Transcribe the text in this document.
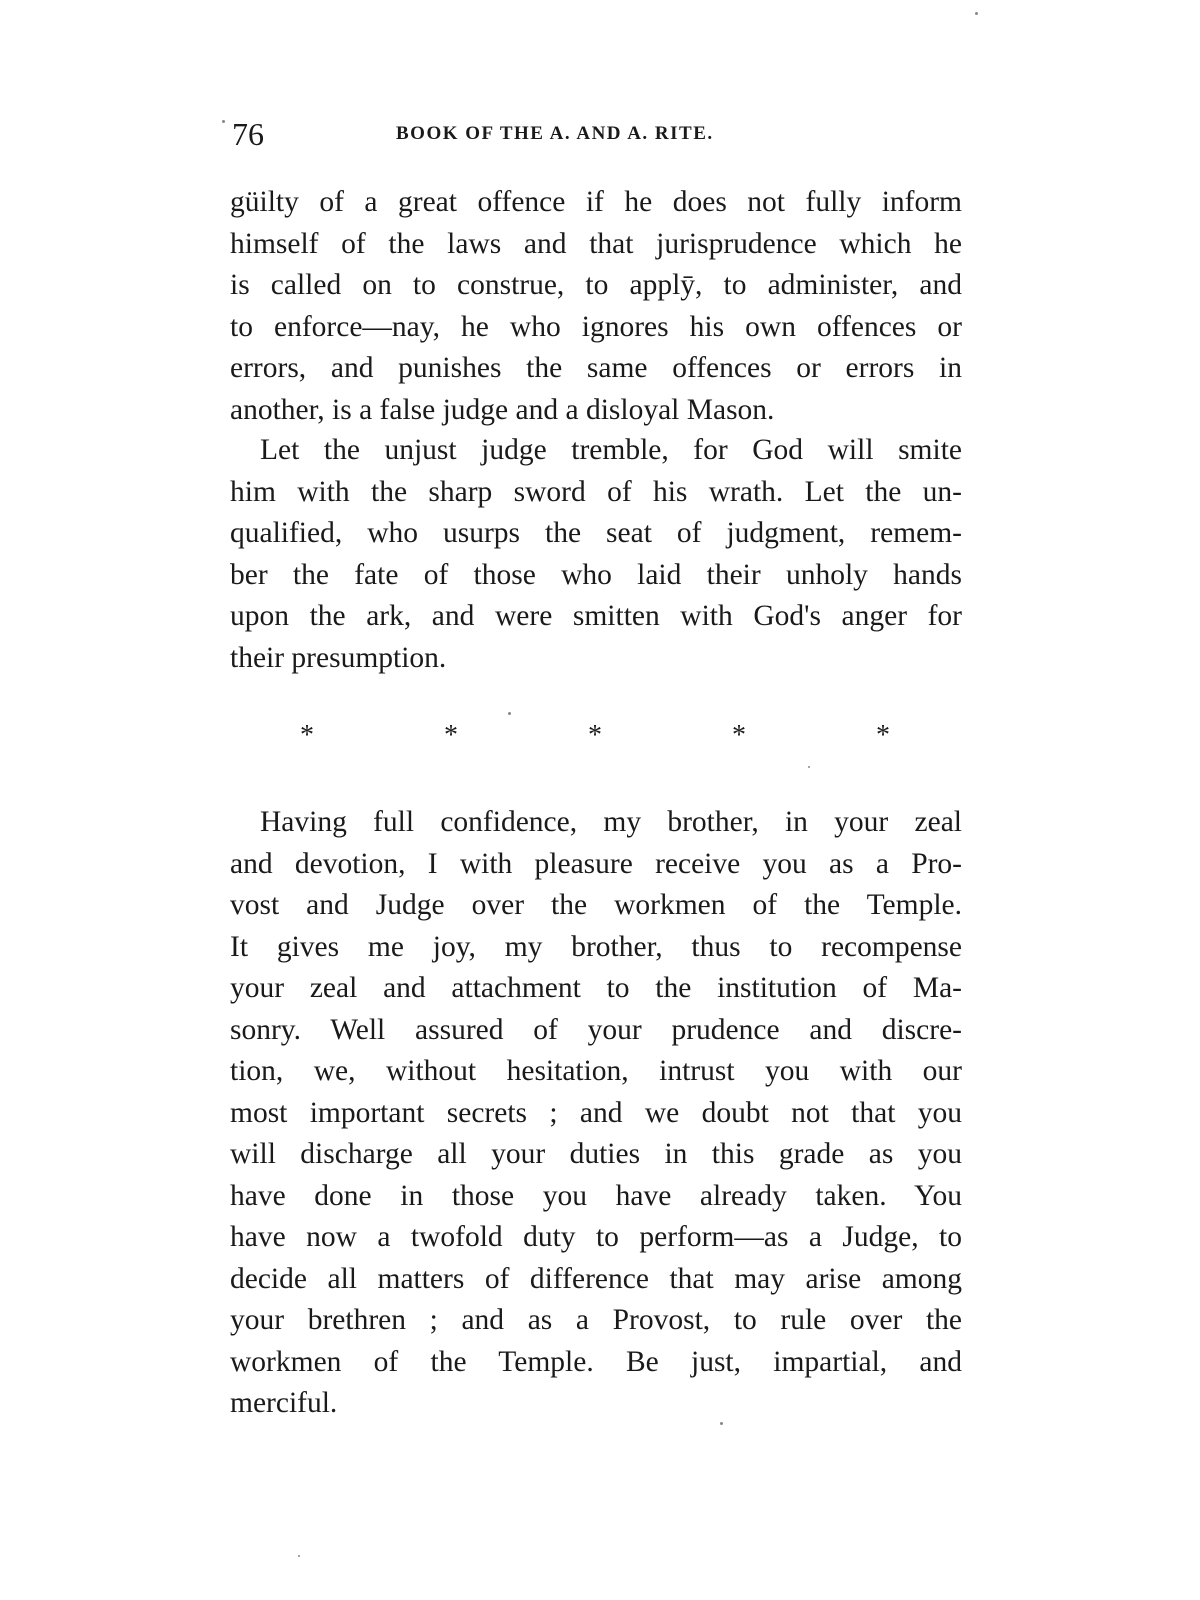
76	BOOK OF THE A. AND A. RITE.
güilty of a great offence if he does not fully inform
himself of the laws and that jurisprudence which he
is called on to construe, to applȳ, to administer, and
to enforce—nay, he who ignores his own offences or
errors, and punishes the same offences or errors in
another, is a false judge and a disloyal Mason.
Let the unjust judge tremble, for God will smite
him with the sharp sword of his wrath. Let the un-
qualified, who usurps the seat of judgment, remem-
ber the fate of those who laid their unholy hands
upon the ark, and were smitten with God's anger for
their presumption.
*	*	*	*	*
Having full confidence, my brother, in your zeal
and devotion, I with pleasure receive you as a Pro-
vost and Judge over the workmen of the Temple.
It gives me joy, my brother, thus to recompense
your zeal and attachment to the institution of Ma-
sonry. Well assured of your prudence and discre-
tion, we, without hesitation, intrust you with our
most important secrets ; and we doubt not that you
will discharge all your duties in this grade as you
have done in those you have already taken. You
have now a twofold duty to perform—as a Judge, to
decide all matters of difference that may arise among
your brethren ; and as a Provost, to rule over the
workmen of the Temple. Be just, impartial, and
merciful.
